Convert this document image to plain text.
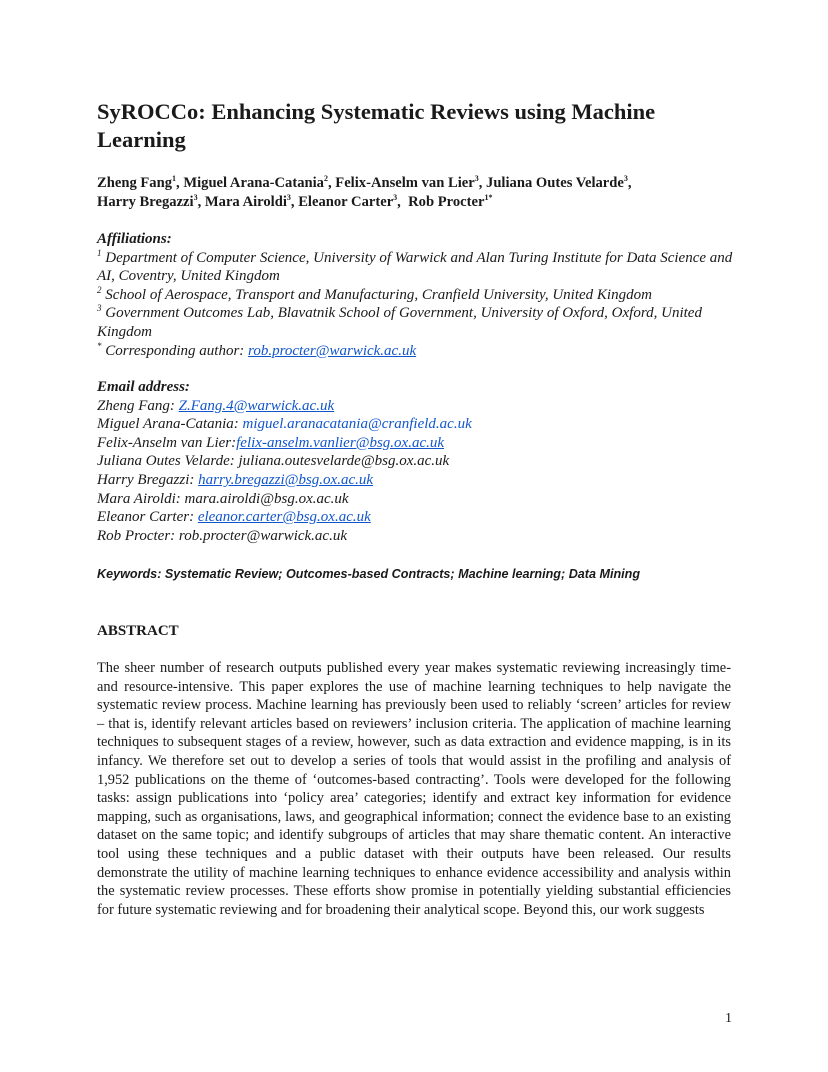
SyROCCo: Enhancing Systematic Reviews using Machine Learning
Zheng Fang$^1$, Miguel Arana-Catania$^2$, Felix-Anselm van Lier$^3$, Juliana Outes Velarde$^3$,
Harry Bregazzi$^3$, Mara Airoldi$^3$, Eleanor Carter$^3$,  Rob Procter$^{1*}$
Affiliations:
$^1$ Department of Computer Science, University of Warwick and Alan Turing Institute for Data Science and AI, Coventry, United Kingdom
$^2$ School of Aerospace, Transport and Manufacturing, Cranfield University, United Kingdom
$^3$ Government Outcomes Lab, Blavatnik School of Government, University of Oxford, Oxford, United Kingdom
* Corresponding author: rob.procter@warwick.ac.uk
Email address:
Zheng Fang: Z.Fang.4@warwick.ac.uk
Miguel Arana-Catania: miguel.aranacatania@cranfield.ac.uk
Felix-Anselm van Lier:felix-anselm.vanlier@bsg.ox.ac.uk
Juliana Outes Velarde: juliana.outesvelarde@bsg.ox.ac.uk
Harry Bregazzi: harry.bregazzi@bsg.ox.ac.uk
Mara Airoldi: mara.airoldi@bsg.ox.ac.uk
Eleanor Carter: eleanor.carter@bsg.ox.ac.uk
Rob Procter: rob.procter@warwick.ac.uk
Keywords: Systematic Review; Outcomes-based Contracts; Machine learning; Data Mining
ABSTRACT

The sheer number of research outputs published every year makes systematic reviewing increasingly time- and resource-intensive. This paper explores the use of machine learning techniques to help navigate the systematic review process. Machine learning has previously been used to reliably ‘screen’ articles for review – that is, identify relevant articles based on reviewers’ inclusion criteria. The application of machine learning techniques to subsequent stages of a review, however, such as data extraction and evidence mapping, is in its infancy. We therefore set out to develop a series of tools that would assist in the profiling and analysis of 1,952 publications on the theme of ‘outcomes-based contracting’. Tools were developed for the following tasks: assign publications into ‘policy area’ categories; identify and extract key information for evidence mapping, such as organisations, laws, and geographical information; connect the evidence base to an existing dataset on the same topic; and identify subgroups of articles that may share thematic content. An interactive tool using these techniques and a public dataset with their outputs have been released. Our results demonstrate the utility of machine learning techniques to enhance evidence accessibility and analysis within the systematic review processes. These efforts show promise in potentially yielding substantial efficiencies for future systematic reviewing and for broadening their analytical scope. Beyond this, our work suggests

1
